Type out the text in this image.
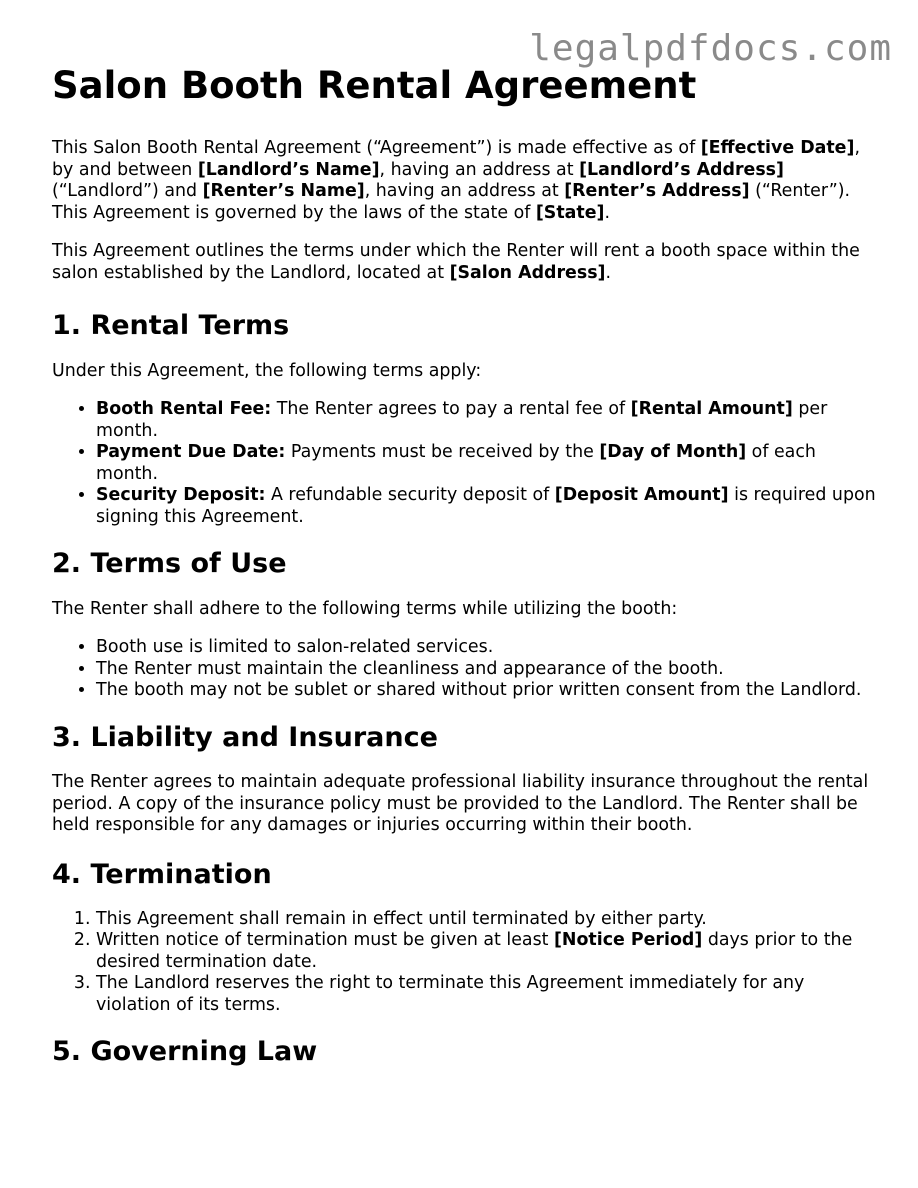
legalpdfdocs.com
Salon Booth Rental Agreement

This Salon Booth Rental Agreement (“Agreement”) is made effective as of [Effective Date], by and between [Landlord’s Name], having an address at [Landlord’s Address] (“Landlord”) and [Renter’s Name], having an address at [Renter’s Address] (“Renter”). This Agreement is governed by the laws of the state of [State].

This Agreement outlines the terms under which the Renter will rent a booth space within the salon established by the Landlord, located at [Salon Address].

1. Rental Terms

Under this Agreement, the following terms apply:

• Booth Rental Fee: The Renter agrees to pay a rental fee of [Rental Amount] per month.
• Payment Due Date: Payments must be received by the [Day of Month] of each month.
• Security Deposit: A refundable security deposit of [Deposit Amount] is required upon signing this Agreement.
2. Terms of Use

The Renter shall adhere to the following terms while utilizing the booth:

• Booth use is limited to salon-related services.
• The Renter must maintain the cleanliness and appearance of the booth.
• The booth may not be sublet or shared without prior written consent from the Landlord.
3. Liability and Insurance

The Renter agrees to maintain adequate professional liability insurance throughout the rental period. A copy of the insurance policy must be provided to the Landlord. The Renter shall be held responsible for any damages or injuries occurring within their booth.

4. Termination
1. This Agreement shall remain in effect until terminated by either party.
2. Written notice of termination must be given at least [Notice Period] days prior to the desired termination date.
3. The Landlord reserves the right to terminate this Agreement immediately for any violation of its terms.
5. Governing Law
